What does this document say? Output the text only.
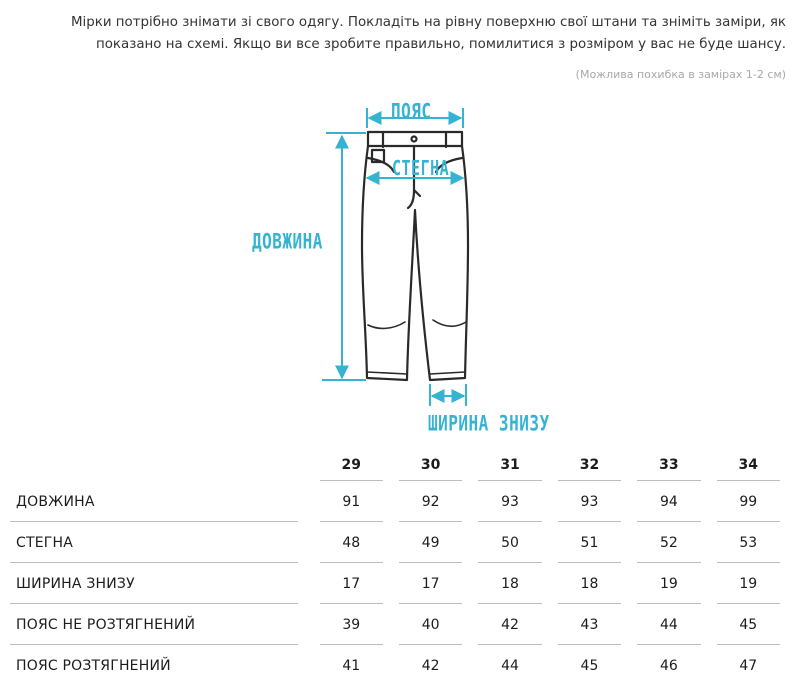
Мірки потрібно знімати зі свого одягу. Покладіть на рівну поверхню свої штани та зніміть заміри, як
показано на схемі. Якщо ви все зробите правильно, помилитися з розміром у вас не буде шансу.
(Можлива похибка в замірах 1-2 см)
ПОЯС
СТЕГНА
ДОВЖИНА
ШИРИНА ЗНИЗУ
	29	30	31	32	33	34
ДОВЖИНА	91	92	93	93	94	99
СТЕГНА	48	49	50	51	52	53
ШИРИНА ЗНИЗУ	17	17	18	18	19	19
ПОЯС НЕ РОЗТЯГНЕНИЙ	39	40	42	43	44	45
ПОЯС РОЗТЯГНЕНИЙ	41	42	44	45	46	47
